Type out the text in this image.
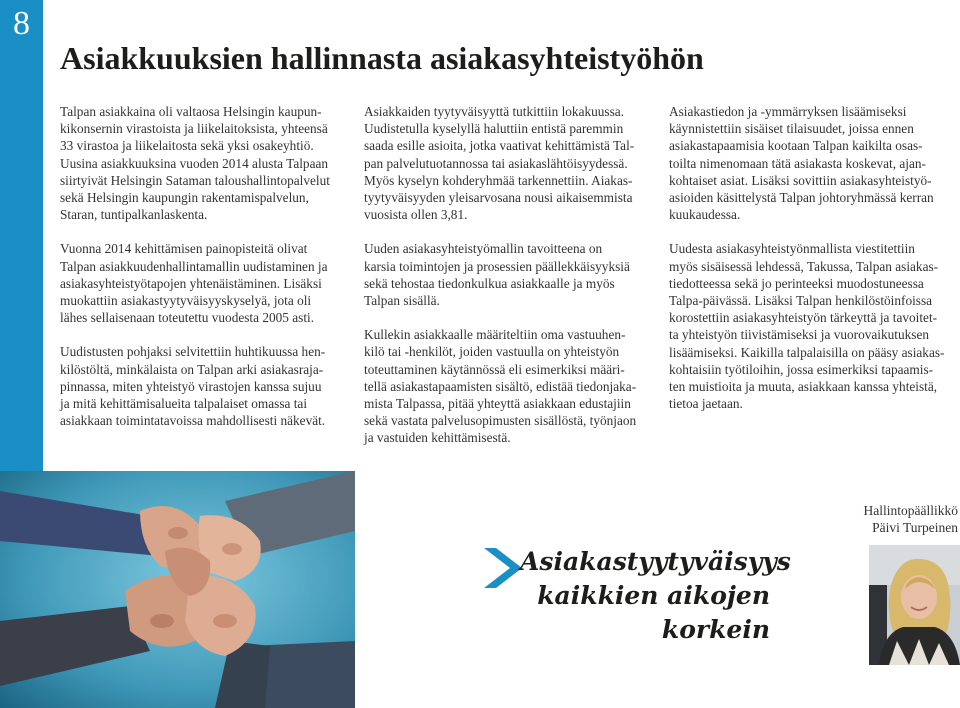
8
Asiakkuuksien hallinnasta asiakasyhteistyöhön

Talpan asiakkaina oli valtaosa Helsingin kaupun-
kikonsernin virastoista ja liikelaitoksista, yhteensä
33 virastoa ja liikelaitosta sekä yksi osakeyhtiö.
Uusina asiakkuuksina vuoden 2014 alusta Talpaan
siirtyivät Helsingin Sataman taloushallintopalvelut
sekä Helsingin kaupungin rakentamispalvelun,
Staran, tuntipalkanlaskenta.

Vuonna 2014 kehittämisen painopisteitä olivat
Talpan asiakkuudenhallintamallin uudistaminen ja
asiakasyhteistyötapojen yhtenäistäminen. Lisäksi
muokattiin asiakastyytyväisyyskyselyä, jota oli
lähes sellaisenaan toteutettu vuodesta 2005 asti.

Uudistusten pohjaksi selvitettiin huhtikuussa hen-
kilöstöltä, minkälaista on Talpan arki asiakasraja-
pinnassa, miten yhteistyö virastojen kanssa sujuu
ja mitä kehittämisalueita talpalaiset omassa tai
asiakkaan toimintatavoissa mahdollisesti näkevät.

Asiakkaiden tyytyväisyyttä tutkittiin lokakuussa.
Uudistetulla kyselyllä haluttiin entistä paremmin
saada esille asioita, jotka vaativat kehittämistä Tal-
pan palvelutuotannossa tai asiakaslähtöisyydessä.
Myös kyselyn kohderyhmää tarkennettiin. Aiakas-
tyytyväisyyden yleisarvosana nousi aikaisemmista
vuosista ollen 3,81.

Uuden asiakasyhteistyömallin tavoitteena on
karsia toimintojen ja prosessien päällekkäisyyksiä
sekä tehostaa tiedonkulkua asiakkaalle ja myös
Talpan sisällä.

Kullekin asiakkaalle määriteltiin oma vastuuhen-
kilö tai -henkilöt, joiden vastuulla on yhteistyön
toteuttaminen käytännössä eli esimerkiksi määri-
tellä asiakastapaamisten sisältö, edistää tiedonjaka-
mista Talpassa, pitää yhteyttä asiakkaan edustajiin
sekä vastata palvelusopimusten sisällöstä, työnjaon
ja vastuiden kehittämisestä.

Asiakastiedon ja -ymmärryksen lisäämiseksi
käynnistettiin sisäiset tilaisuudet, joissa ennen
asiakastapaamisia kootaan Talpan kaikilta osas-
toilta nimenomaan tätä asiakasta koskevat, ajan-
kohtaiset asiat. Lisäksi sovittiin asiakasyhteistyö-
asioiden käsittelystä Talpan johtoryhmässä kerran
kuukaudessa.

Uudesta asiakasyhteistyönmallista viestitettiin
myös sisäisessä lehdessä, Takussa, Talpan asiakas-
tiedotteessa sekä jo perinteeksi muodostuneessa
Talpa-päivässä. Lisäksi Talpan henkilöstöinfoissa
korostettiin asiakasyhteistyön tärkeyttä ja tavoitet-
ta yhteistyön tiivistämiseksi ja vuorovaikutuksen
lisäämiseksi. Kaikilla talpalaisilla on pääsy asiakas-
kohtaisiin työtiloihin, jossa esimerkiksi tapaamis-
ten muistioita ja muuta, asiakkaan kanssa yhteistä,
tietoa jaetaan.

Asiakastyytyväisyys
kaikkien aikojen
korkein
Hallintopäällikkö
Päivi Turpeinen
